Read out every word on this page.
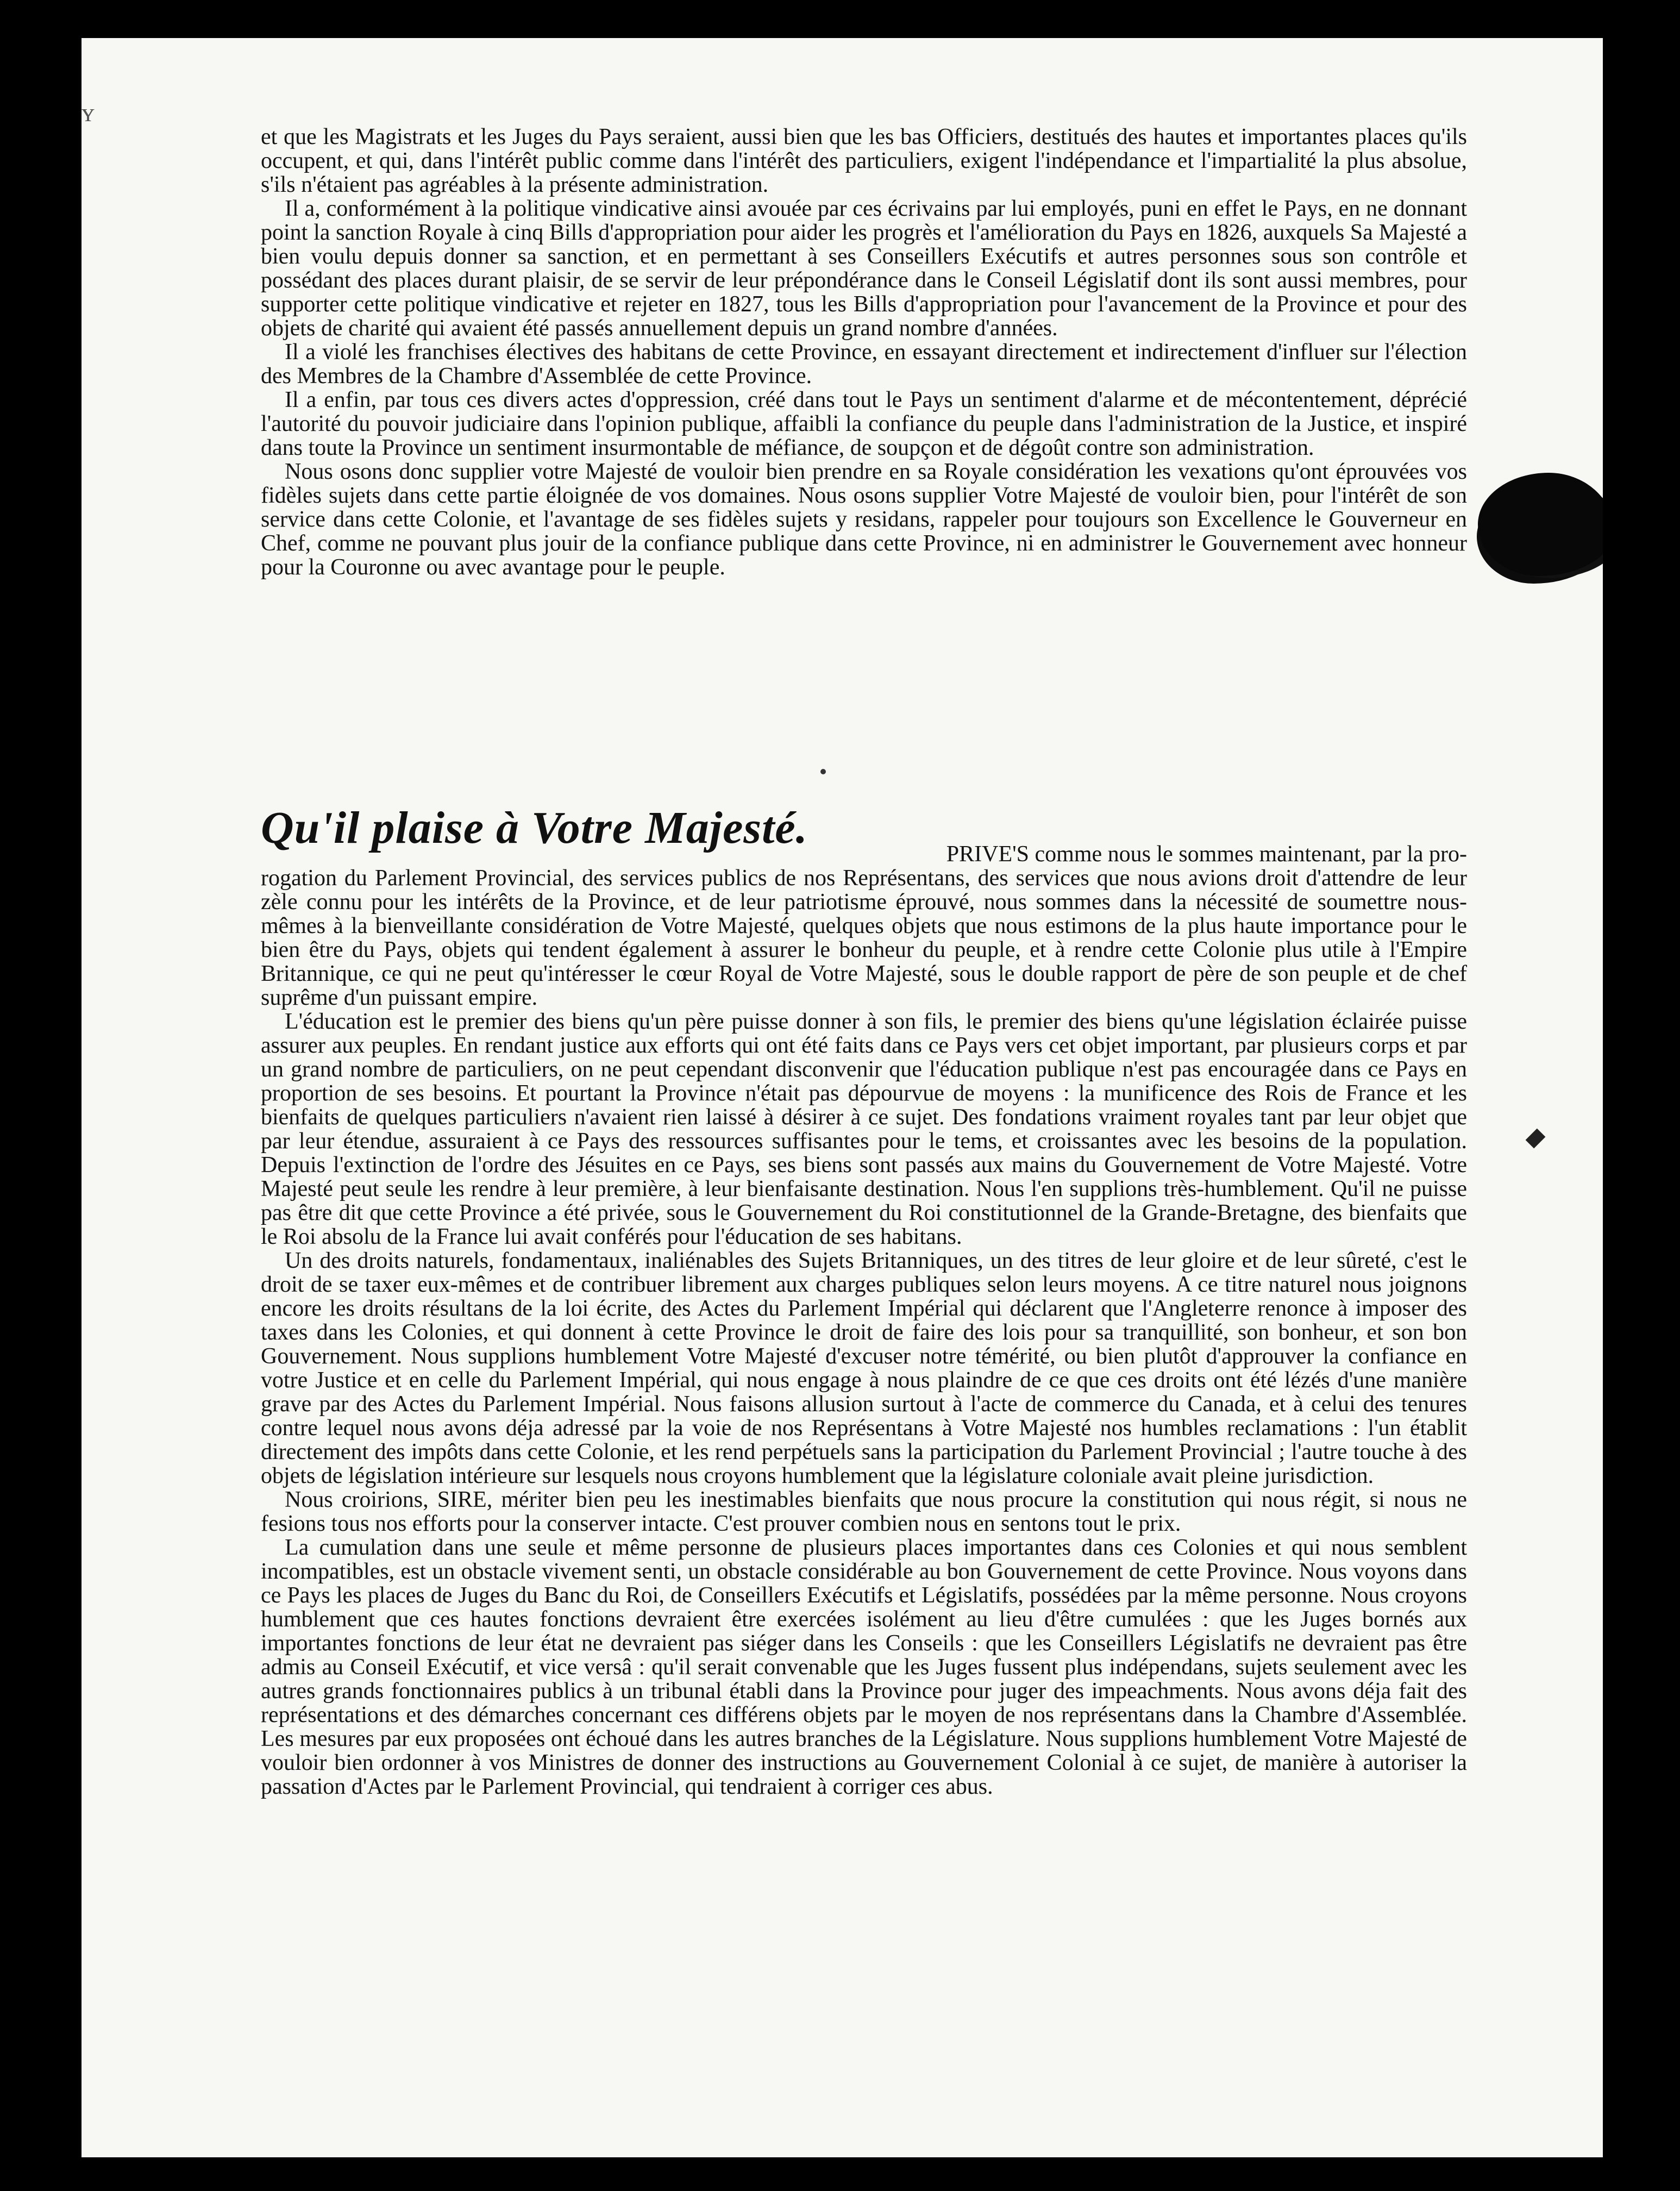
ʏ

et que les Magistrats et les Juges du Pays seraient, aussi bien que les bas Officiers, destitués des hautes et importantes places qu'ils occupent, et qui, dans l'intérêt public comme dans l'intérêt des particuliers, exigent l'indépendance et l'impartialité la plus absolue, s'ils n'étaient pas agréables à la présente administration.

Il a, conformément à la politique vindicative ainsi avouée par ces écrivains par lui employés, puni en effet le Pays, en ne donnant point la sanction Royale à cinq Bills d'appropriation pour aider les progrès et l'amélioration du Pays en 1826, auxquels Sa Majesté a bien voulu depuis donner sa sanction, et en permettant à ses Conseillers Exécutifs et autres personnes sous son contrôle et possédant des places durant plaisir, de se servir de leur prépondérance dans le Conseil Législatif dont ils sont aussi membres, pour supporter cette politique vindicative et rejeter en 1827, tous les Bills d'appropriation pour l'avancement de la Province et pour des objets de charité qui avaient été passés annuellement depuis un grand nombre d'années.

Il a violé les franchises électives des habitans de cette Province, en essayant directement et indirectement d'influer sur l'élection des Membres de la Chambre d'Assemblée de cette Province.

Il a enfin, par tous ces divers actes d'oppression, créé dans tout le Pays un sentiment d'alarme et de mécontentement, déprécié l'autorité du pouvoir judiciaire dans l'opinion publique, affaibli la confiance du peuple dans l'administration de la Justice, et inspiré dans toute la Province un sentiment insurmontable de méfiance, de soupçon et de dégoût contre son administration.

Nous osons donc supplier votre Majesté de vouloir bien prendre en sa Royale considération les vexations qu'ont éprouvées vos fidèles sujets dans cette partie éloignée de vos domaines. Nous osons supplier Votre Majesté de vouloir bien, pour l'intérêt de son service dans cette Colonie, et l'avantage de ses fidèles sujets y residans, rappeler pour toujours son Excellence le Gouverneur en Chef, comme ne pouvant plus jouir de la confiance publique dans cette Province, ni en administrer le Gouvernement avec honneur pour la Couronne ou avec avantage pour le peuple.

Qu'il plaise à Votre Majesté.

PRIVE'S comme nous le sommes maintenant, par la pro-

rogation du Parlement Provincial, des services publics de nos Représentans, des services que nous avions droit d'attendre de leur zèle connu pour les intérêts de la Province, et de leur patriotisme éprouvé, nous sommes dans la nécessité de soumettre nous-mêmes à la bienveillante considération de Votre Majesté, quelques objets que nous estimons de la plus haute importance pour le bien être du Pays, objets qui tendent également à assurer le bonheur du peuple, et à rendre cette Colonie plus utile à l'Empire Britannique, ce qui ne peut qu'intéresser le cœur Royal de Votre Majesté, sous le double rapport de père de son peuple et de chef suprême d'un puissant empire.

L'éducation est le premier des biens qu'un père puisse donner à son fils, le premier des biens qu'une législation éclairée puisse assurer aux peuples. En rendant justice aux efforts qui ont été faits dans ce Pays vers cet objet important, par plusieurs corps et par un grand nombre de particuliers, on ne peut cependant disconvenir que l'éducation publique n'est pas encouragée dans ce Pays en proportion de ses besoins. Et pourtant la Province n'était pas dépourvue de moyens : la munificence des Rois de France et les bienfaits de quelques particuliers n'avaient rien laissé à désirer à ce sujet. Des fondations vraiment royales tant par leur objet que par leur étendue, assuraient à ce Pays des ressources suffisantes pour le tems, et croissantes avec les besoins de la population. Depuis l'extinction de l'ordre des Jésuites en ce Pays, ses biens sont passés aux mains du Gouvernement de Votre Majesté. Votre Majesté peut seule les rendre à leur première, à leur bienfaisante destination. Nous l'en supplions très-humblement. Qu'il ne puisse pas être dit que cette Province a été privée, sous le Gouvernement du Roi constitutionnel de la Grande-Bretagne, des bienfaits que le Roi absolu de la France lui avait conférés pour l'éducation de ses habitans.

Un des droits naturels, fondamentaux, inaliénables des Sujets Britanniques, un des titres de leur gloire et de leur sûreté, c'est le droit de se taxer eux-mêmes et de contribuer librement aux charges publiques selon leurs moyens. A ce titre naturel nous joignons encore les droits résultans de la loi écrite, des Actes du Parlement Impérial qui déclarent que l'Angleterre renonce à imposer des taxes dans les Colonies, et qui donnent à cette Province le droit de faire des lois pour sa tranquillité, son bonheur, et son bon Gouvernement. Nous supplions humblement Votre Majesté d'excuser notre témérité, ou bien plutôt d'approuver la confiance en votre Justice et en celle du Parlement Impérial, qui nous engage à nous plaindre de ce que ces droits ont été lézés d'une manière grave par des Actes du Parlement Impérial. Nous faisons allusion surtout à l'acte de commerce du Canada, et à celui des tenures contre lequel nous avons déja adressé par la voie de nos Représentans à Votre Majesté nos humbles reclamations : l'un établit directement des impôts dans cette Colonie, et les rend perpétuels sans la participation du Parlement Provincial ; l'autre touche à des objets de législation intérieure sur lesquels nous croyons humblement que la législature coloniale avait pleine jurisdiction.

Nous croirions, SIRE, mériter bien peu les inestimables bienfaits que nous procure la constitution qui nous régit, si nous ne fesions tous nos efforts pour la conserver intacte. C'est prouver combien nous en sentons tout le prix.

La cumulation dans une seule et même personne de plusieurs places importantes dans ces Colonies et qui nous semblent incompatibles, est un obstacle vivement senti, un obstacle considérable au bon Gouvernement de cette Province. Nous voyons dans ce Pays les places de Juges du Banc du Roi, de Conseillers Exécutifs et Législatifs, possédées par la même personne. Nous croyons humblement que ces hautes fonctions devraient être exercées isolément au lieu d'être cumulées : que les Juges bornés aux importantes fonctions de leur état ne devraient pas siéger dans les Conseils : que les Conseillers Législatifs ne devraient pas être admis au Conseil Exécutif, et vice versâ : qu'il serait convenable que les Juges fussent plus indépendans, sujets seulement avec les autres grands fonctionnaires publics à un tribunal établi dans la Province pour juger des impeachments. Nous avons déja fait des représentations et des démarches concernant ces différens objets par le moyen de nos représentans dans la Chambre d'Assemblée. Les mesures par eux proposées ont échoué dans les autres branches de la Législature. Nous supplions humblement Votre Majesté de vouloir bien ordonner à vos Ministres de donner des instructions au Gouvernement Colonial à ce sujet, de manière à autoriser la passation d'Actes par le Parlement Provincial, qui tendraient à corriger ces abus.
